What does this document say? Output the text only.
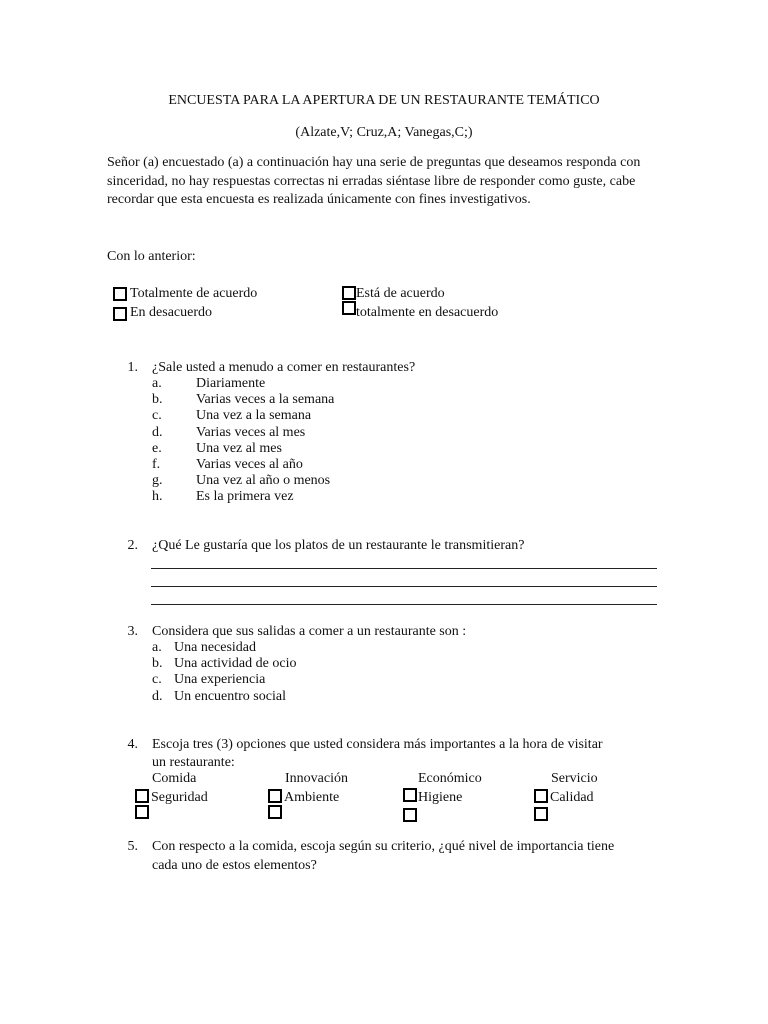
ENCUESTA PARA LA APERTURA DE UN RESTAURANTE TEMÁTICO
(Alzate,V; Cruz,A; Vanegas,C;)
Señor (a) encuestado (a) a continuación hay una serie de preguntas que deseamos responda con sinceridad, no hay respuestas correctas ni erradas siéntase libre de responder como guste, cabe recordar que esta encuesta es realizada únicamente con fines investigativos.
Con lo anterior:
Totalmente de acuerdo	Está de acuerdo
En desacuerdo	totalmente en desacuerdo
1. ¿Sale usted a menudo a comer en restaurantes?
a. Diariamente
b. Varias veces a la semana
c. Una vez a la semana
d. Varias veces al mes
e. Una vez al mes
f.	Varias veces al año
g. Una vez al año o menos
h. Es la primera vez
2. ¿Qué Le gustaría que los platos de un restaurante le transmitieran?
3. Considera que sus salidas a comer a un restaurante son :
a. Una necesidad
b. Una actividad de ocio
c. Una experiencia
d. Un encuentro social
4. Escoja tres (3) opciones que usted considera más importantes a la hora de visitar
un restaurante:
Comida	Innovación	Económico	Servicio
Seguridad	Ambiente	Higiene	Calidad
5. Con respecto a la comida, escoja según su criterio, ¿qué nivel de importancia tiene
cada uno de estos elementos?
